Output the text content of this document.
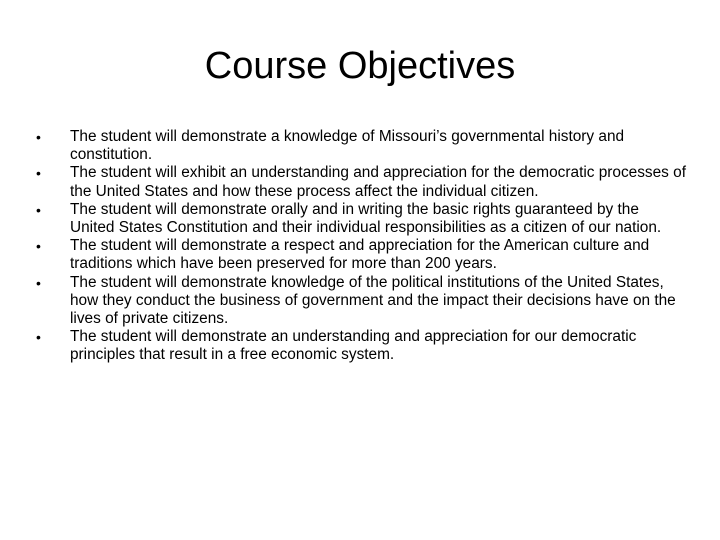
Course Objectives
• The student will demonstrate a knowledge of Missouri’s governmental history and constitution.
• The student will exhibit an understanding and appreciation for the democratic processes of the United States and how these process affect the individual citizen.
• The student will demonstrate orally and in writing the basic rights guaranteed by the United States Constitution and their individual responsibilities as a citizen of our nation.
• The student will demonstrate a respect and appreciation for the American culture and traditions which have been preserved for more than 200 years.
• The student will demonstrate knowledge of the political institutions of the United States, how they conduct the business of government and the impact their decisions have on the lives of private citizens.
• The student will demonstrate an understanding and appreciation for our democratic principles that result in a free economic system.
